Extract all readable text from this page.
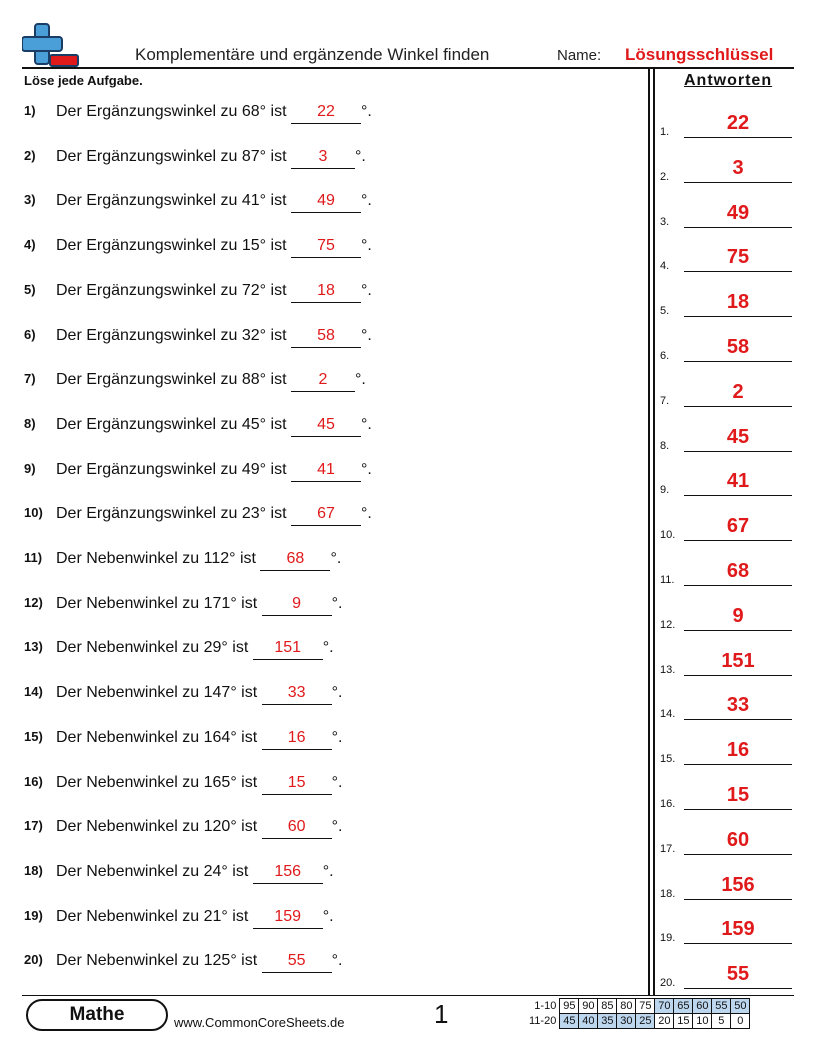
Komplementäre und ergänzende Winkel finden	Name: Lösungsschlüssel
Löse jede Aufgabe.	Antworten
1) Der Ergänzungswinkel zu 68° ist 22 °.
2) Der Ergänzungswinkel zu 87° ist 3 °.
3) Der Ergänzungswinkel zu 41° ist 49 °.
4) Der Ergänzungswinkel zu 15° ist 75 °.
5) Der Ergänzungswinkel zu 72° ist 18 °.
6) Der Ergänzungswinkel zu 32° ist 58 °.
7) Der Ergänzungswinkel zu 88° ist 2 °.
8) Der Ergänzungswinkel zu 45° ist 45 °.
9) Der Ergänzungswinkel zu 49° ist 41 °.
10) Der Ergänzungswinkel zu 23° ist 67 °.
11) Der Nebenwinkel zu 112° ist 68 °.
12) Der Nebenwinkel zu 171° ist 9 °.
13) Der Nebenwinkel zu 29° ist 151 °.
14) Der Nebenwinkel zu 147° ist 33 °.
15) Der Nebenwinkel zu 164° ist 16 °.
16) Der Nebenwinkel zu 165° ist 15 °.
17) Der Nebenwinkel zu 120° ist 60 °.
18) Der Nebenwinkel zu 24° ist 156 °.
19) Der Nebenwinkel zu 21° ist 159 °.
20) Der Nebenwinkel zu 125° ist 55 °.
1.	22
2.	3
3.	49
4.	75
5.	18
6.	58
7.	2
8.	45
9.	41
10.	67
11.	68
12.	9
13.	151
14.	33
15.	16
16.	15
17.	60
18.	156
19.	159
20.	55
Mathe	www.CommonCoreSheets.de	1	1-10	95	90	85	80	75	70	65	60	55	50
11-20	45	40	35	30	25	20	15	10	5	0
